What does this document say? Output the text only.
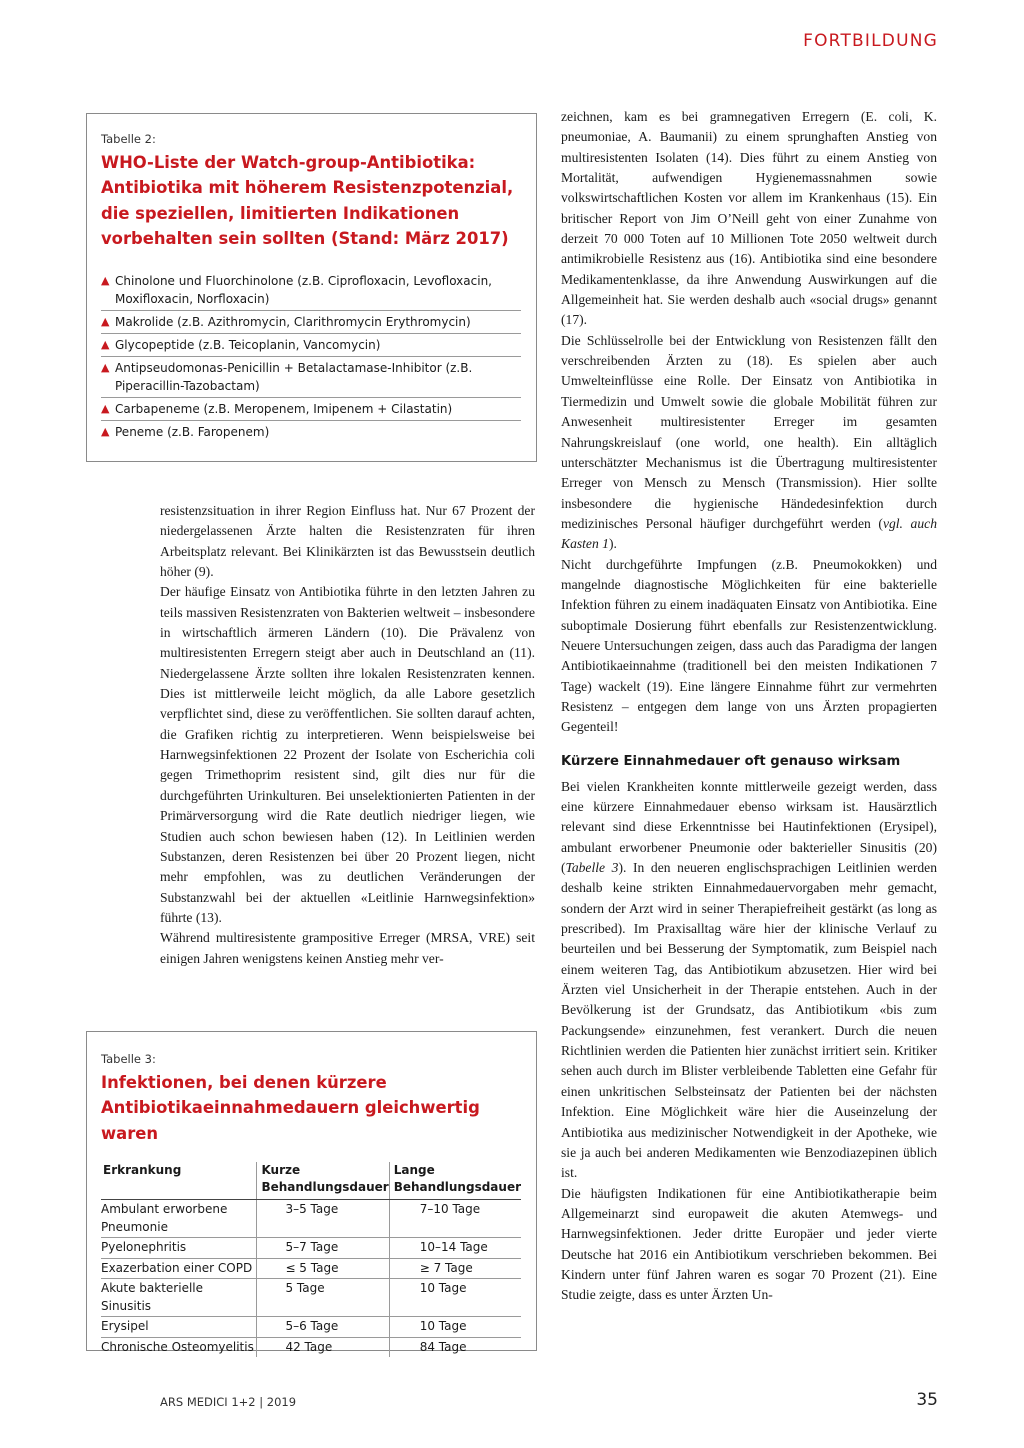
FORTBILDUNG
Tabelle 2:
WHO-Liste der Watch-group-Antibiotika: Antibiotika mit höherem Resistenzpotenzial, die speziellen, limitierten Indikationen vorbehalten sein sollten (Stand: März 2017)
▲ Chinolone und Fluorchinolone (z.B. Ciprofloxacin, Levofloxacin, Moxifloxacin, Norfloxacin)
▲ Makrolide (z.B. Azithromycin, Clarithromycin Erythromycin)
▲ Glycopeptide (z.B. Teicoplanin, Vancomycin)
▲ Antipseudomonas-Penicillin + Betalactamase-Inhibitor (z.B. Piperacillin-Tazobactam)
▲ Carbapeneme (z.B. Meropenem, Imipenem + Cilastatin)
▲ Peneme (z.B. Faropenem)

resistenzsituation in ihrer Region Einfluss hat. Nur 67 Prozent der niedergelassenen Ärzte halten die Resistenzraten für ihren Arbeitsplatz relevant. Bei Klinikärzten ist das Bewusstsein deutlich höher (9).

Der häufige Einsatz von Antibiotika führte in den letzten Jahren zu teils massiven Resistenzraten von Bakterien weltweit – insbesondere in wirtschaftlich ärmeren Ländern (10). Die Prävalenz von multiresistenten Erregern steigt aber auch in Deutschland an (11). Niedergelassene Ärzte sollten ihre lokalen Resistenzraten kennen. Dies ist mittlerweile leicht möglich, da alle Labore gesetzlich verpflichtet sind, diese zu veröffentlichen. Sie sollten darauf achten, die Grafiken richtig zu interpretieren. Wenn beispielsweise bei Harnwegsinfektionen 22 Prozent der Isolate von Escherichia coli gegen Trimethoprim resistent sind, gilt dies nur für die durchgeführten Urinkulturen. Bei unselektionierten Patienten in der Primärversorgung wird die Rate deutlich niedriger liegen, wie Studien auch schon bewiesen haben (12). In Leitlinien werden Substanzen, deren Resistenzen bei über 20 Prozent liegen, nicht mehr empfohlen, was zu deutlichen Veränderungen der Substanzwahl bei der aktuellen «Leitlinie Harnwegsinfektion» führte (13).

Während multiresistente grampositive Erreger (MRSA, VRE) seit einigen Jahren wenigstens keinen Anstieg mehr ver-

Tabelle 3:
Infektionen, bei denen kürzere Antibiotikaeinnahmedauern gleichwertig waren
Erkrankung	Kurze Behandlungsdauer	Lange Behandlungsdauer
Ambulant erworbene Pneumonie	3–5 Tage	7–10 Tage
Pyelonephritis	5–7 Tage	10–14 Tage
Exazerbation einer COPD	≤ 5 Tage	≥ 7 Tage
Akute bakterielle Sinusitis	5 Tage	10 Tage
Erysipel	5–6 Tage	10 Tage
Chronische Osteomyelitis	42 Tage	84 Tage

zeichnen, kam es bei gramnegativen Erregern (E. coli, K. pneumoniae, A. Baumanii) zu einem sprunghaften Anstieg von multiresistenten Isolaten (14). Dies führt zu einem Anstieg von Mortalität, aufwendigen Hygienemassnahmen sowie volkswirtschaftlichen Kosten vor allem im Krankenhaus (15). Ein britischer Report von Jim O’Neill geht von einer Zunahme von derzeit 70 000 Toten auf 10 Millionen Tote 2050 weltweit durch antimikrobielle Resistenz aus (16). Antibiotika sind eine besondere Medikamentenklasse, da ihre Anwendung Auswirkungen auf die Allgemeinheit hat. Sie werden deshalb auch «social drugs» genannt (17).

Die Schlüsselrolle bei der Entwicklung von Resistenzen fällt den verschreibenden Ärzten zu (18). Es spielen aber auch Umwelteinflüsse eine Rolle. Der Einsatz von Antibiotika in Tiermedizin und Umwelt sowie die globale Mobilität führen zur Anwesenheit multiresistenter Erreger im gesamten Nahrungskreislauf (one world, one health). Ein alltäglich unterschätzter Mechanismus ist die Übertragung multiresistenter Erreger von Mensch zu Mensch (Transmission). Hier sollte insbesondere die hygienische Händedesinfektion durch medizinisches Personal häufiger durchgeführt werden (vgl. auch Kasten 1).

Nicht durchgeführte Impfungen (z.B. Pneumokokken) und mangelnde diagnostische Möglichkeiten für eine bakterielle Infektion führen zu einem inadäquaten Einsatz von Antibiotika. Eine suboptimale Dosierung führt ebenfalls zur Resistenzentwicklung. Neuere Untersuchungen zeigen, dass auch das Paradigma der langen Antibiotikaeinnahme (traditionell bei den meisten Indikationen 7 Tage) wackelt (19). Eine längere Einnahme führt zur vermehrten Resistenz – entgegen dem lange von uns Ärzten propagierten Gegenteil!

Kürzere Einnahmedauer oft genauso wirksam

Bei vielen Krankheiten konnte mittlerweile gezeigt werden, dass eine kürzere Einnahmedauer ebenso wirksam ist. Hausärztlich relevant sind diese Erkenntnisse bei Hautinfektionen (Erysipel), ambulant erworbener Pneumonie oder bakterieller Sinusitis (20) (Tabelle 3). In den neueren englischsprachigen Leitlinien werden deshalb keine strikten Einnahmedauervorgaben mehr gemacht, sondern der Arzt wird in seiner Therapiefreiheit gestärkt (as long as prescribed). Im Praxisalltag wäre hier der klinische Verlauf zu beurteilen und bei Besserung der Symptomatik, zum Beispiel nach einem weiteren Tag, das Antibiotikum abzusetzen. Hier wird bei Ärzten viel Unsicherheit in der Therapie entstehen. Auch in der Bevölkerung ist der Grundsatz, das Antibiotikum «bis zum Packungsende» einzunehmen, fest verankert. Durch die neuen Richtlinien werden die Patienten hier zunächst irritiert sein. Kritiker sehen auch durch im Blister verbleibende Tabletten eine Gefahr für einen unkritischen Selbsteinsatz der Patienten bei der nächsten Infektion. Eine Möglichkeit wäre hier die Auseinzelung der Antibiotika aus medizinischer Notwendigkeit in der Apotheke, wie sie ja auch bei anderen Medikamenten wie Benzodiazepinen üblich ist.

Die häufigsten Indikationen für eine Antibiotikatherapie beim Allgemeinarzt sind europaweit die akuten Atemwegs- und Harnwegsinfektionen. Jeder dritte Europäer und jeder vierte Deutsche hat 2016 ein Antibiotikum verschrieben bekommen. Bei Kindern unter fünf Jahren waren es sogar 70 Prozent (21). Eine Studie zeigte, dass es unter Ärzten Un-

ARS MEDICI 1+2 | 2019	35
